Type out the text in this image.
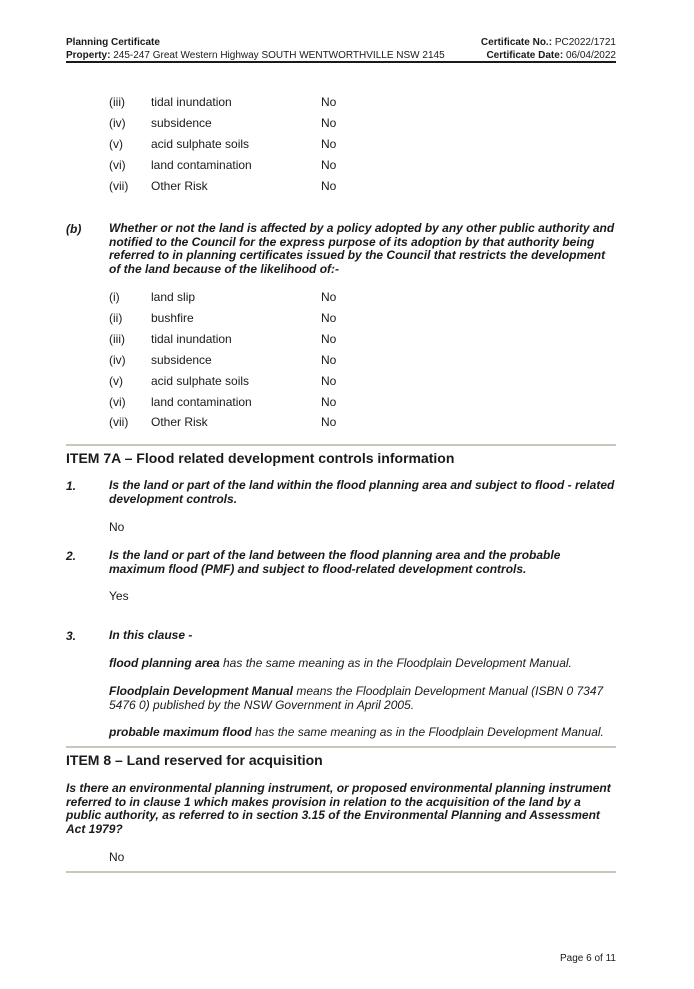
Planning Certificate
Property: 245-247 Great Western Highway SOUTH WENTWORTHVILLE NSW 2145
Certificate No.: PC2022/1721
Certificate Date: 06/04/2022
(iii) tidal inundation	No
(iv) subsidence	No
(v) acid sulphate soils	No
(vi) land contamination	No
(vii) Other Risk	No
(b) Whether or not the land is affected by a policy adopted by any other public authority and
notified to the Council for the express purpose of its adoption by that authority being
referred to in planning certificates issued by the Council that restricts the development
of the land because of the likelihood of:-
(i)	land slip	No
(ii) bushfire	No
(iii) tidal inundation	No
(iv) subsidence	No
(v) acid sulphate soils	No
(vi) land contamination	No
(vii) Other Risk	No
ITEM 7A – Flood related development controls information
1.	Is the land or part of the land within the flood planning area and subject to flood - related
development controls.
No
2.	Is the land or part of the land between the flood planning area and the probable
maximum flood (PMF) and subject to flood-related development controls.
Yes
3.	In this clause -
flood planning area has the same meaning as in the Floodplain Development Manual.
Floodplain Development Manual means the Floodplain Development Manual (ISBN 0 7347
5476 0) published by the NSW Government in April 2005.
probable maximum flood has the same meaning as in the Floodplain Development Manual.
ITEM 8 – Land reserved for acquisition
Is there an environmental planning instrument, or proposed environmental planning instrument
referred to in clause 1 which makes provision in relation to the acquisition of the land by a
public authority, as referred to in section 3.15 of the Environmental Planning and Assessment
Act 1979?
No
Page 6 of 11
